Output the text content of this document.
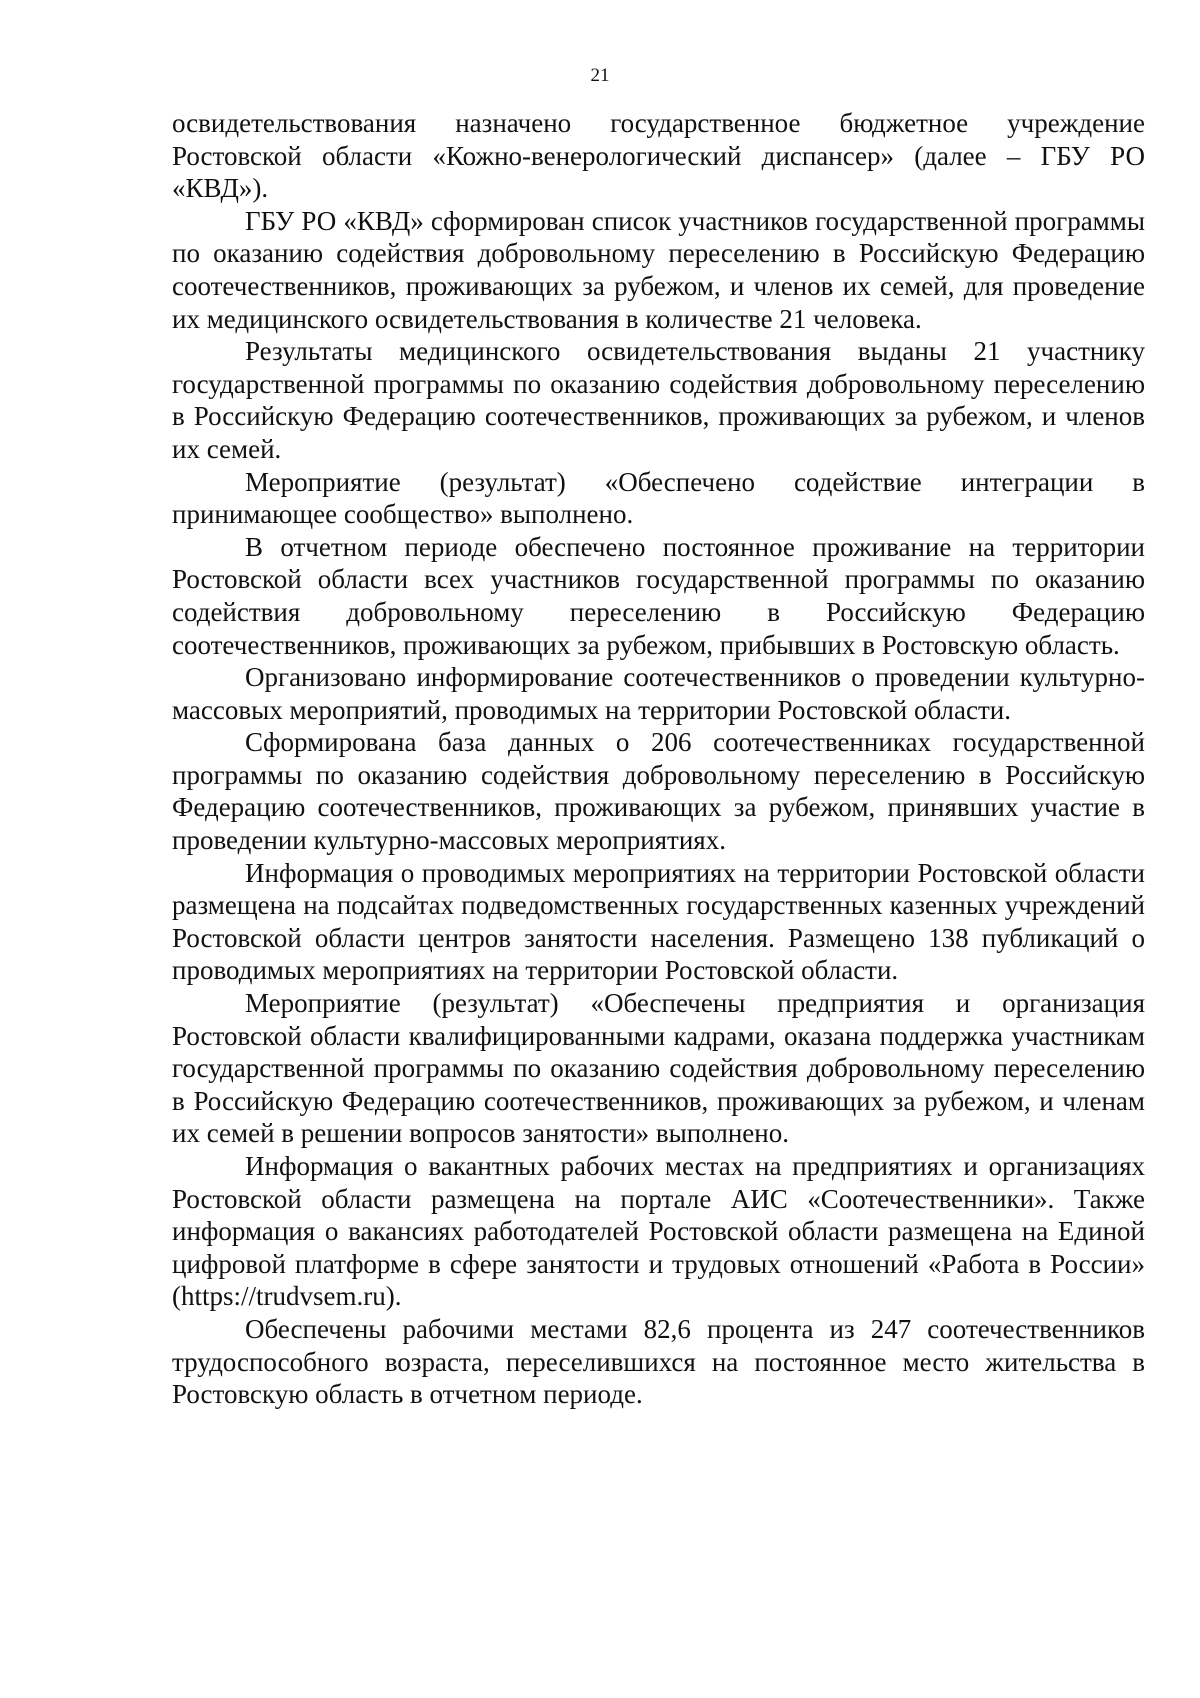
21

освидетельствования назначено государственное бюджетное учреждение Ростовской области «Кожно-венерологический диспансер» (далее – ГБУ РО «КВД»).

ГБУ РО «КВД» сформирован список участников государственной программы по оказанию содействия добровольному переселению в Российскую Федерацию соотечественников, проживающих за рубежом, и членов их семей, для проведение их медицинского освидетельствования в количестве 21 человека.

Результаты медицинского освидетельствования выданы 21 участнику государственной программы по оказанию содействия добровольному переселению в Российскую Федерацию соотечественников, проживающих за рубежом, и членов их семей.

Мероприятие (результат) «Обеспечено содействие интеграции в принимающее сообщество» выполнено.

В отчетном периоде обеспечено постоянное проживание на территории Ростовской области всех участников государственной программы по оказанию содействия добровольному переселению в Российскую Федерацию соотечественников, проживающих за рубежом, прибывших в Ростовскую область.

Организовано информирование соотечественников о проведении культурно-массовых мероприятий, проводимых на территории Ростовской области.

Сформирована база данных о 206 соотечественниках государственной программы по оказанию содействия добровольному переселению в Российскую Федерацию соотечественников, проживающих за рубежом, принявших участие в проведении культурно-массовых мероприятиях.

Информация о проводимых мероприятиях на территории Ростовской области размещена на подсайтах подведомственных государственных казенных учреждений Ростовской области центров занятости населения. Размещено 138 публикаций о проводимых мероприятиях на территории Ростовской области.

Мероприятие (результат) «Обеспечены предприятия и организация Ростовской области квалифицированными кадрами, оказана поддержка участникам государственной программы по оказанию содействия добровольному переселению в Российскую Федерацию соотечественников, проживающих за рубежом, и членам их семей в решении вопросов занятости» выполнено.

Информация о вакантных рабочих местах на предприятиях и организациях Ростовской области размещена на портале АИС «Соотечественники». Также информация о вакансиях работодателей Ростовской области размещена на Единой цифровой платформе в сфере занятости и трудовых отношений «Работа в России» (https://trudvsem.ru).

Обеспечены рабочими местами 82,6 процента из 247 соотечественников трудоспособного возраста, переселившихся на постоянное место жительства в Ростовскую область в отчетном периоде.
